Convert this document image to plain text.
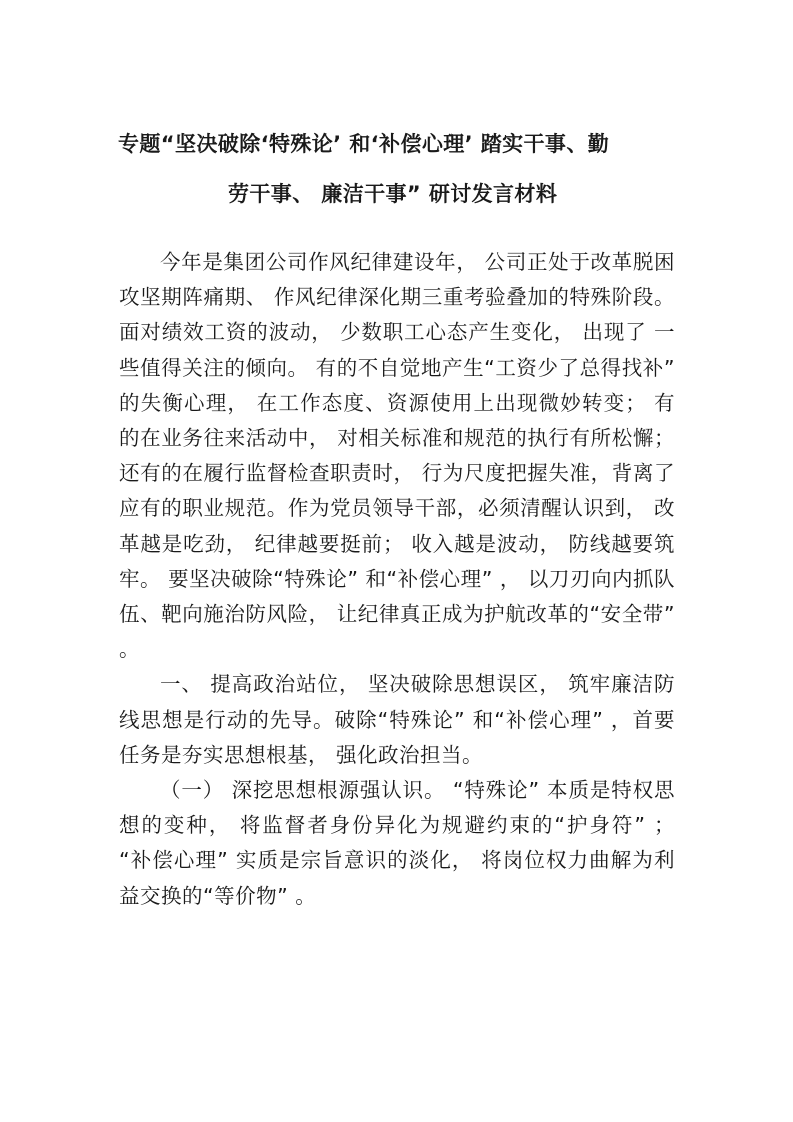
专题“坚决破除‘特殊论’ 和‘补偿心理’ 踏实干事、勤
劳干事、 廉洁干事” 研讨发言材料

今年是集团公司作风纪律建设年， 公司正处于改革脱困攻坚期阵痛期、 作风纪律深化期三重考验叠加的特殊阶段。 面对绩效工资的波动， 少数职工心态产生变化， 出现了 一些值得关注的倾向。 有的不自觉地产生“工资少了总得找补” 的失衡心理， 在工作态度、资源使用上出现微妙转变； 有的在业务往来活动中， 对相关标准和规范的执行有所松懈； 还有的在履行监督检查职责时， 行为尺度把握失准，背离了 应有的职业规范。作为党员领导干部，必须清醒认识到， 改革越是吃劲， 纪律越要挺前； 收入越是波动， 防线越要筑牢。 要坚决破除“特殊论” 和“补偿心理” ， 以刀刃向内抓队伍、靶向施治防风险， 让纪律真正成为护航改革的“安全带” 。

一、 提高政治站位， 坚决破除思想误区， 筑牢廉洁防线思想是行动的先导。破除“特殊论” 和“补偿心理” ，首要任务是夯实思想根基， 强化政治担当。

（一） 深挖思想根源强认识。 “特殊论” 本质是特权思想的变种， 将监督者身份异化为规避约束的“护身符” ； “补偿心理” 实质是宗旨意识的淡化， 将岗位权力曲解为利益交换的“等价物” 。
